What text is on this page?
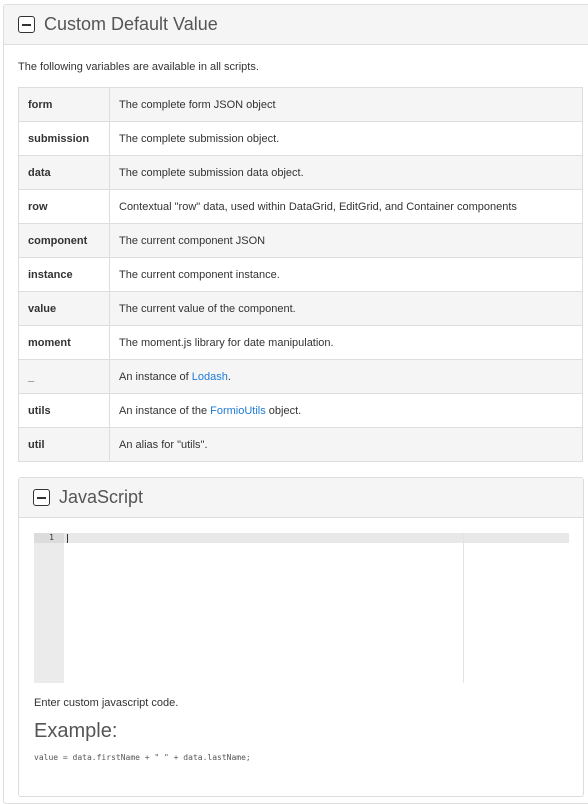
Custom Default Value
The following variables are available in all scripts.
form	The complete form JSON object
submission	The complete submission object.
data	The complete submission data object.
row	Contextual "row" data, used within DataGrid, EditGrid, and Container components
component	The current component JSON
instance	The current component instance.
value	The current value of the component.
moment	The moment.js library for date manipulation.
_	An instance of Lodash.
utils	An instance of the FormioUtils object.
util	An alias for "utils".
JavaScript
1
Enter custom javascript code.
Example:
value = data.firstName + " " + data.lastName;
